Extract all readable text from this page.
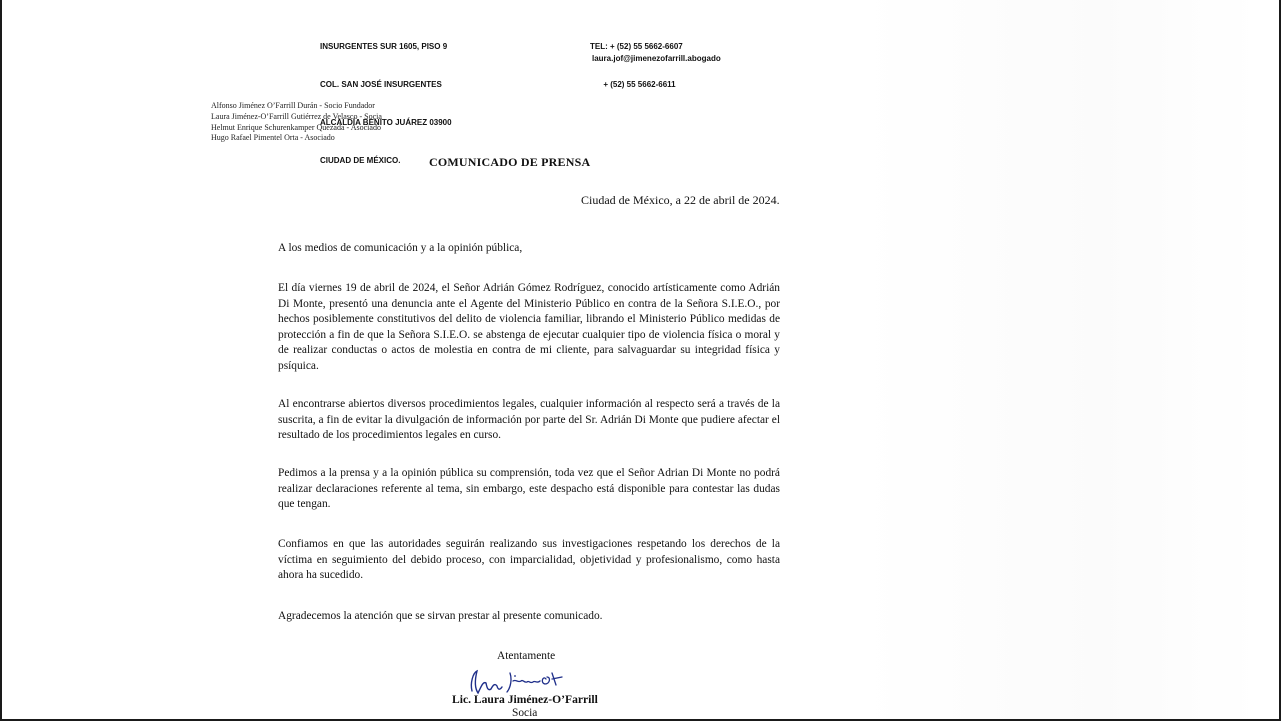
INSURGENTES SUR 1605, PISO 9

COL. SAN JOSÉ INSURGENTES

ALCALDÍA BENITO JUÁREZ 03900

CIUDAD DE MÉXICO.

TEL: + (52) 55 5662-6607

+ (52) 55 5662-6611

laura.jof@jimenezofarrill.abogado
Alfonso Jiménez O’Farrill Durán - Socio Fundador
Laura Jiménez-O’Farrill Gutiérrez de Velasco - Socia
Helmut Enrique Schurenkamper Quezada - Asociado
Hugo Rafael Pimentel Orta - Asociado
COMUNICADO DE PRENSA
Ciudad de México, a 22 de abril de 2024.
A los medios de comunicación y a la opinión pública,
El día viernes 19 de abril de 2024, el Señor Adrián Gómez Rodríguez, conocido artísticamente como Adrián Di Monte, presentó una denuncia ante el Agente del Ministerio Público en contra de la Señora S.I.E.O., por hechos posiblemente constitutivos del delito de violencia familiar, librando el Ministerio Público medidas de protección a fin de que la Señora S.I.E.O. se abstenga de ejecutar cualquier tipo de violencia física o moral y de realizar conductas o actos de molestia en contra de mi cliente, para salvaguardar su integridad física y psíquica.
Al encontrarse abiertos diversos procedimientos legales, cualquier información al respecto será a través de la suscrita, a fin de evitar la divulgación de información por parte del Sr. Adrián Di Monte que pudiere afectar el resultado de los procedimientos legales en curso.
Pedimos a la prensa y a la opinión pública su comprensión, toda vez que el Señor Adrian Di Monte no podrá realizar declaraciones referente al tema, sin embargo, este despacho está disponible para contestar las dudas que tengan.
Confiamos en que las autoridades seguirán realizando sus investigaciones respetando los derechos de la víctima en seguimiento del debido proceso, con imparcialidad, objetividad y profesionalismo, como hasta ahora ha sucedido.
Agradecemos la atención que se sirvan prestar al presente comunicado.
Atentamente
Lic. Laura Jiménez-O’Farrill
Socia
